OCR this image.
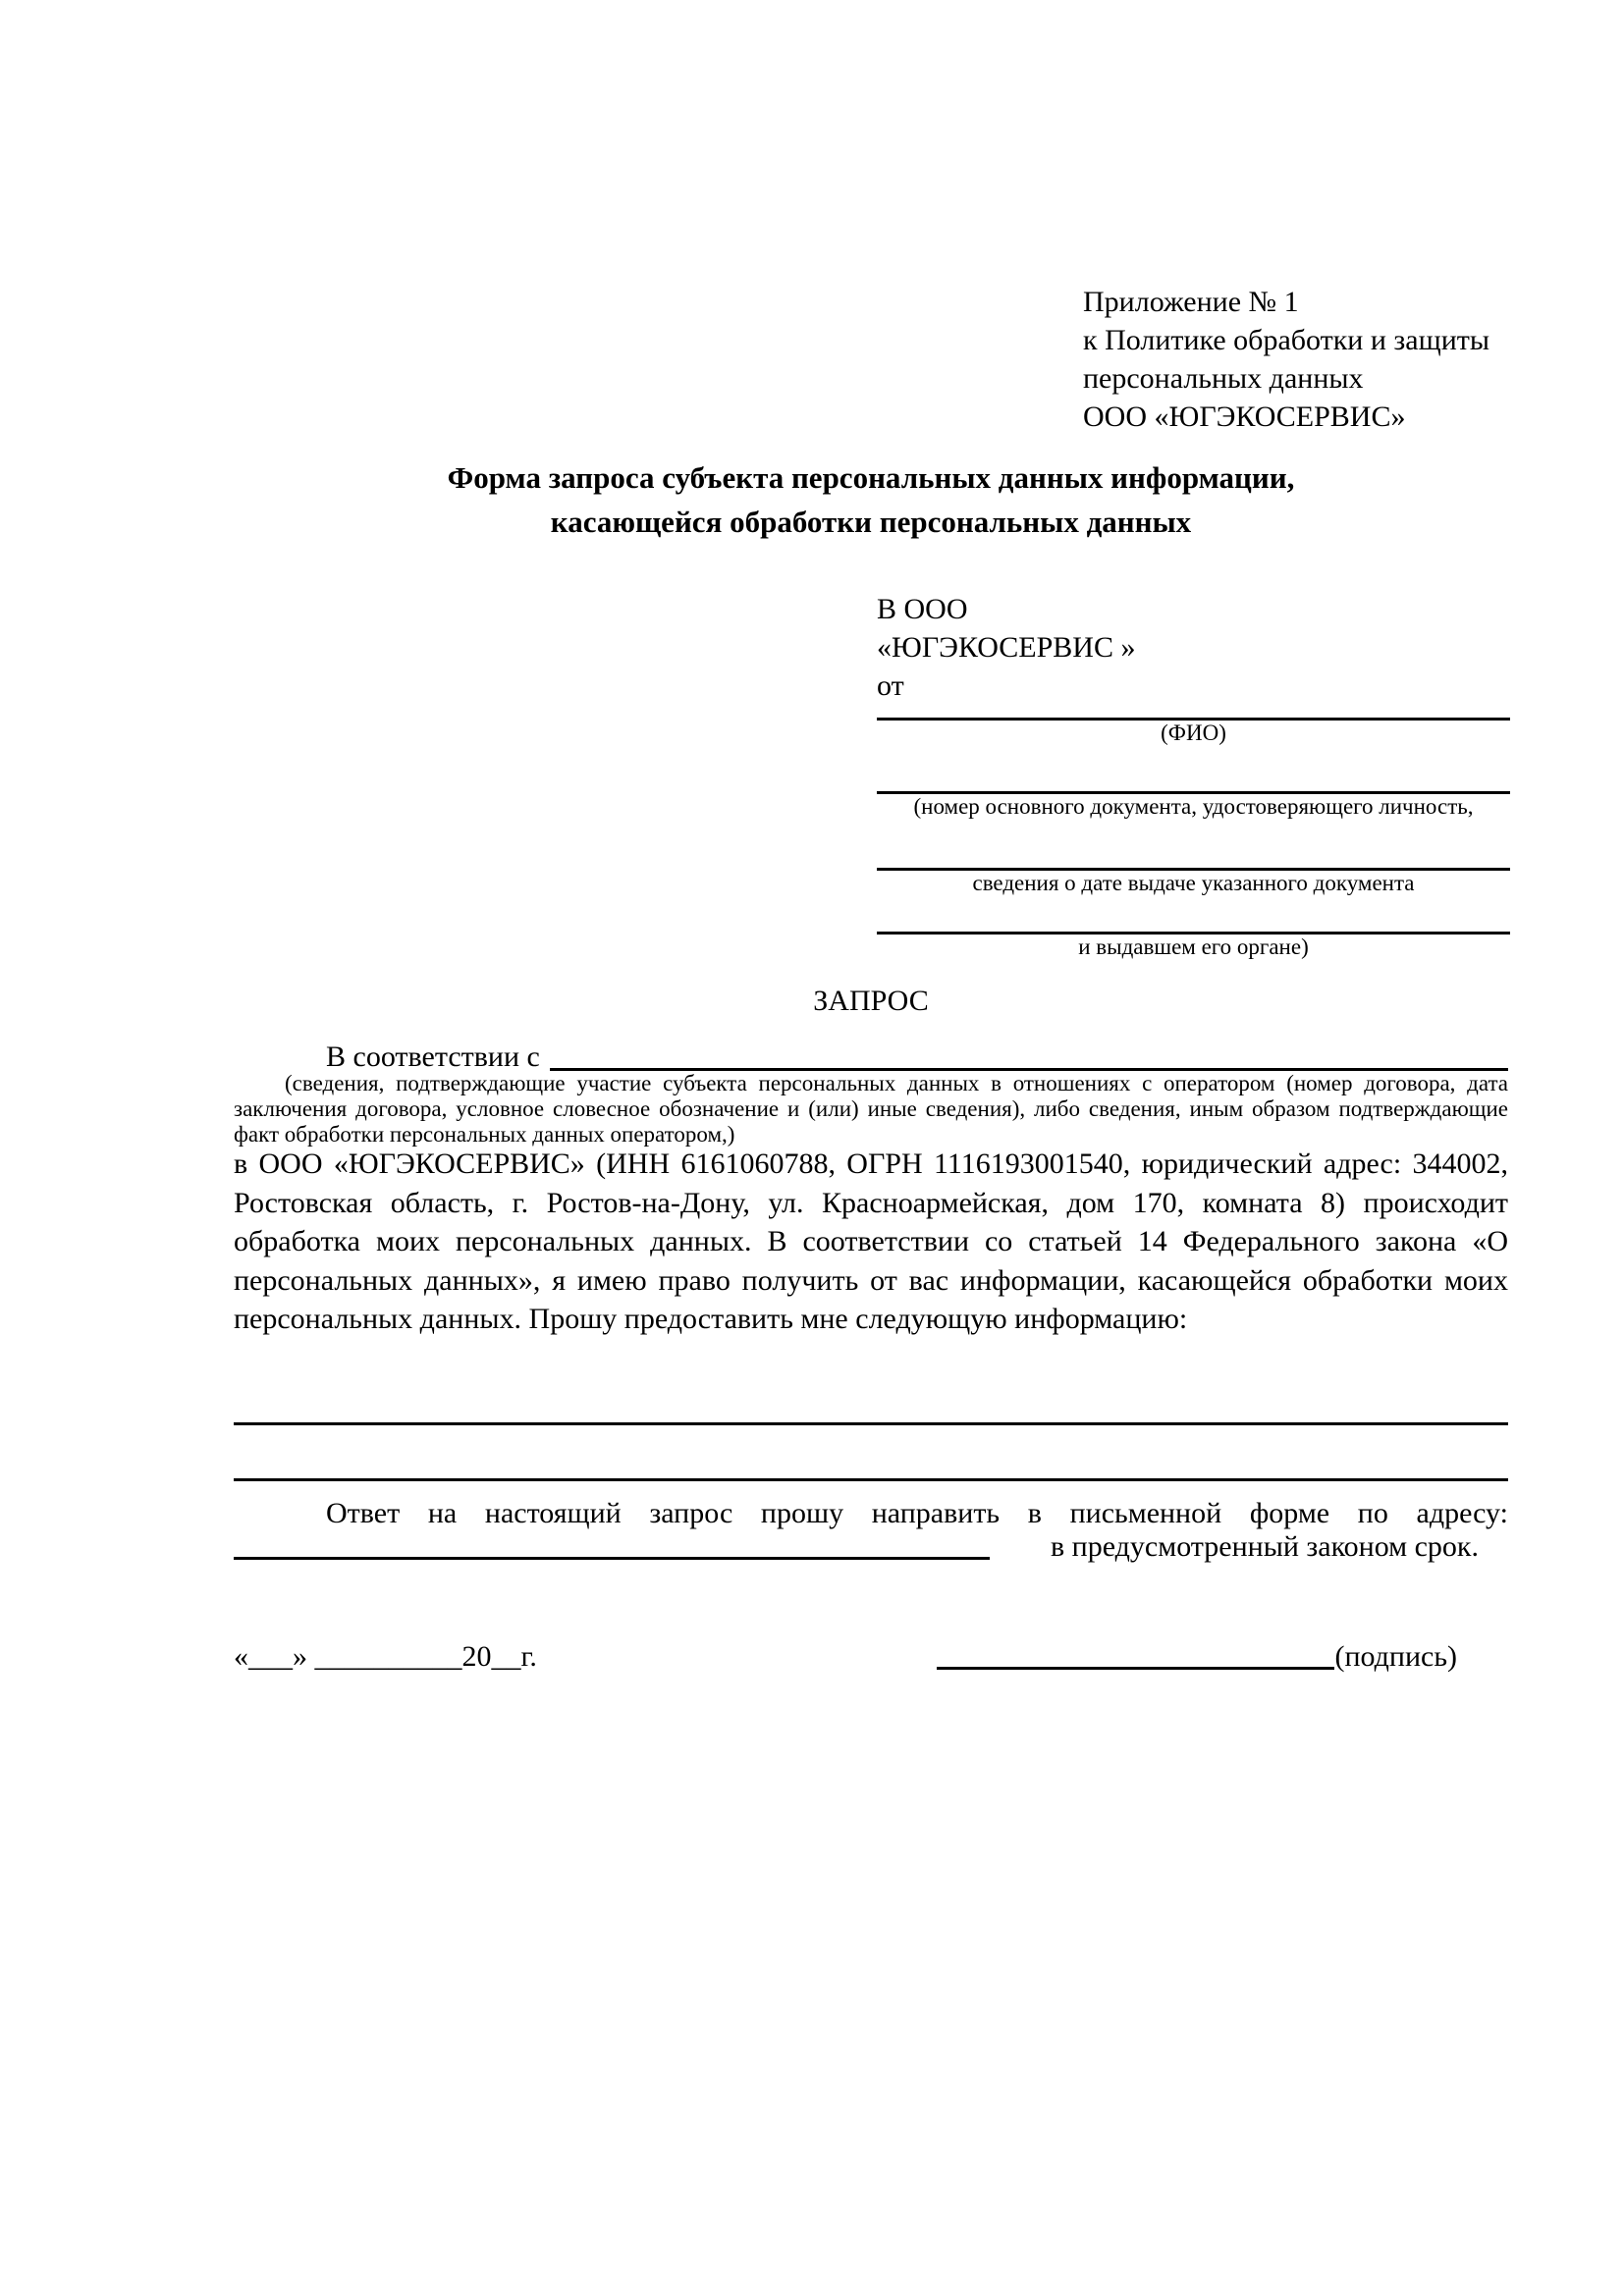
Приложение № 1
к Политике обработки и защиты
персональных данных
ООО «ЮГЭКОСЕРВИС»
Форма запроса субъекта персональных данных информации,
касающейся обработки персональных данных
В ООО
«ЮГЭКОСЕРВИС »
от
(ФИО)
(номер основного документа, удостоверяющего личность,
сведения о дате выдаче указанного документа
и выдавшем его органе)
ЗАПРОС
В соответствии с
(сведения, подтверждающие участие субъекта персональных данных в отношениях с оператором (номер договора, дата заключения договора, условное словесное обозначение и (или) иные сведения), либо сведения, иным образом подтверждающие факт обработки персональных данных оператором,)
в ООО «ЮГЭКОСЕРВИС» (ИНН 6161060788, ОГРН 1116193001540, юридический адрес: 344002, Ростовская область, г. Ростов-на-Дону, ул. Красноармейская, дом 170, комната 8) происходит обработка моих персональных данных. В соответствии со статьей 14 Федерального закона «О персональных данных», я имею право получить от вас информации, касающейся обработки моих персональных данных. Прошу предоставить мне следующую информацию:
Ответ на настоящий запрос прошу направить в письменной форме по адресу:
в предусмотренный законом срок.
«___» __________20__г.	(подпись)
